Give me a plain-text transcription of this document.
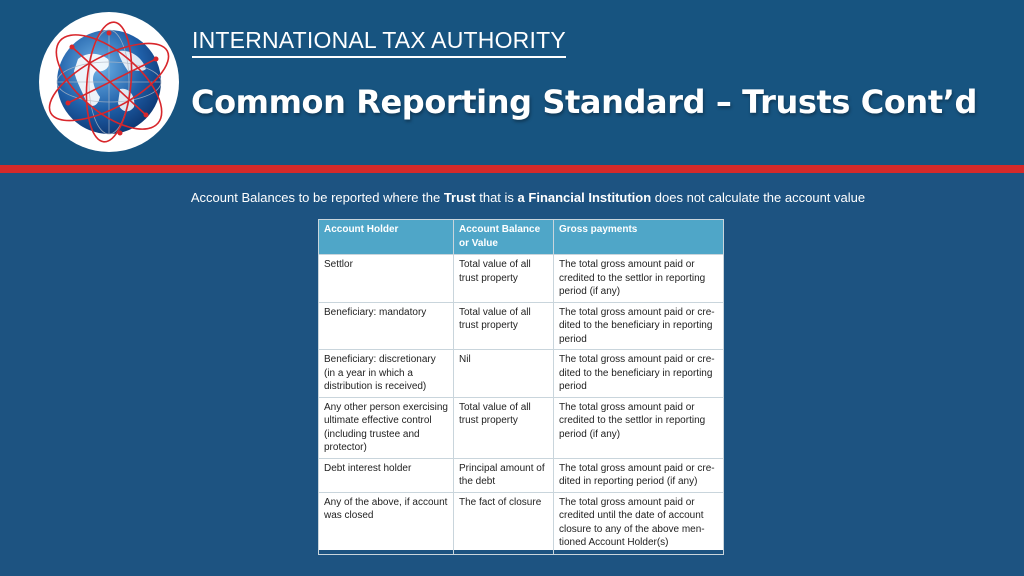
INTERNATIONAL TAX AUTHORITY
Common Reporting Standard – Trusts Cont’d
Account Balances to be reported where the Trust that is a Financial Institution does not calculate the account value
Account Holder	Account Balance or Value	Gross payments
Settlor	Total value of all trust property	The total gross amount paid or credited to the settlor in reporting period (if any)
Beneficiary: mandatory	Total value of all trust property	The total gross amount paid or cre-dited to the beneficiary in reporting period
Beneficiary: discretionary (in a year in which a distribution is received)	Nil	The total gross amount paid or cre-dited to the beneficiary in reporting period
Any other person exercising ultimate effective control (including trustee and protector)	Total value of all trust property	The total gross amount paid or credited to the settlor in reporting period (if any)
Debt interest holder	Principal amount of the debt	The total gross amount paid or cre-dited in reporting period (if any)
Any of the above, if account was closed	The fact of closure	The total gross amount paid or credited until the date of account closure to any of the above men-tioned Account Holder(s)
